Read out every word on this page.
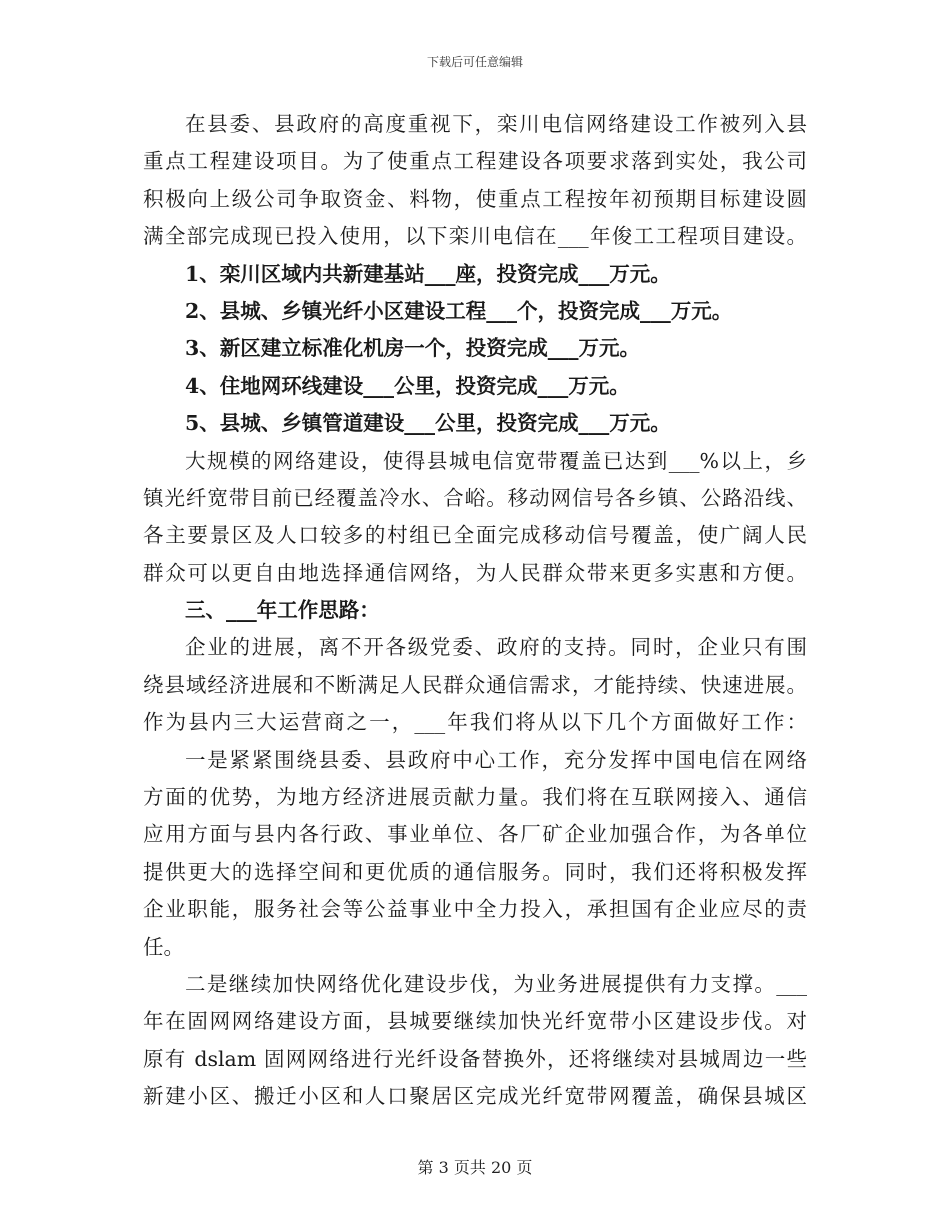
下载后可任意编辑
在县委、县政府的高度重视下，栾川电信网络建设工作被列入县
重点工程建设项目。为了使重点工程建设各项要求落到实处，我公司
积极向上级公司争取资金、料物，使重点工程按年初预期目标建设圆
满全部完成现已投入使用，以下栾川电信在___年俊工工程项目建设。
1、栾川区域内共新建基站___座，投资完成___万元。
2、县城、乡镇光纤小区建设工程___个，投资完成___万元。
3、新区建立标准化机房一个，投资完成___万元。
4、住地网环线建设___公里，投资完成___万元。
5、县城、乡镇管道建设___公里，投资完成___万元。
大规模的网络建设，使得县城电信宽带覆盖已达到___%以上，乡
镇光纤宽带目前已经覆盖冷水、合峪。移动网信号各乡镇、公路沿线、
各主要景区及人口较多的村组已全面完成移动信号覆盖，使广阔人民
群众可以更自由地选择通信网络，为人民群众带来更多实惠和方便。
三、___年工作思路：
企业的进展，离不开各级党委、政府的支持。同时，企业只有围
绕县域经济进展和不断满足人民群众通信需求，才能持续、快速进展。
作为县内三大运营商之一，___年我们将从以下几个方面做好工作：
一是紧紧围绕县委、县政府中心工作，充分发挥中国电信在网络
方面的优势，为地方经济进展贡献力量。我们将在互联网接入、通信
应用方面与县内各行政、事业单位、各厂矿企业加强合作，为各单位
提供更大的选择空间和更优质的通信服务。同时，我们还将积极发挥
企业职能，服务社会等公益事业中全力投入，承担国有企业应尽的责
任。
二是继续加快网络优化建设步伐，为业务进展提供有力支撑。___
年在固网网络建设方面，县城要继续加快光纤宽带小区建设步伐。对
原有 dslam 固网网络进行光纤设备替换外，还将继续对县城周边一些
新建小区、搬迁小区和人口聚居区完成光纤宽带网覆盖，确保县城区
第 3 页共 20 页
